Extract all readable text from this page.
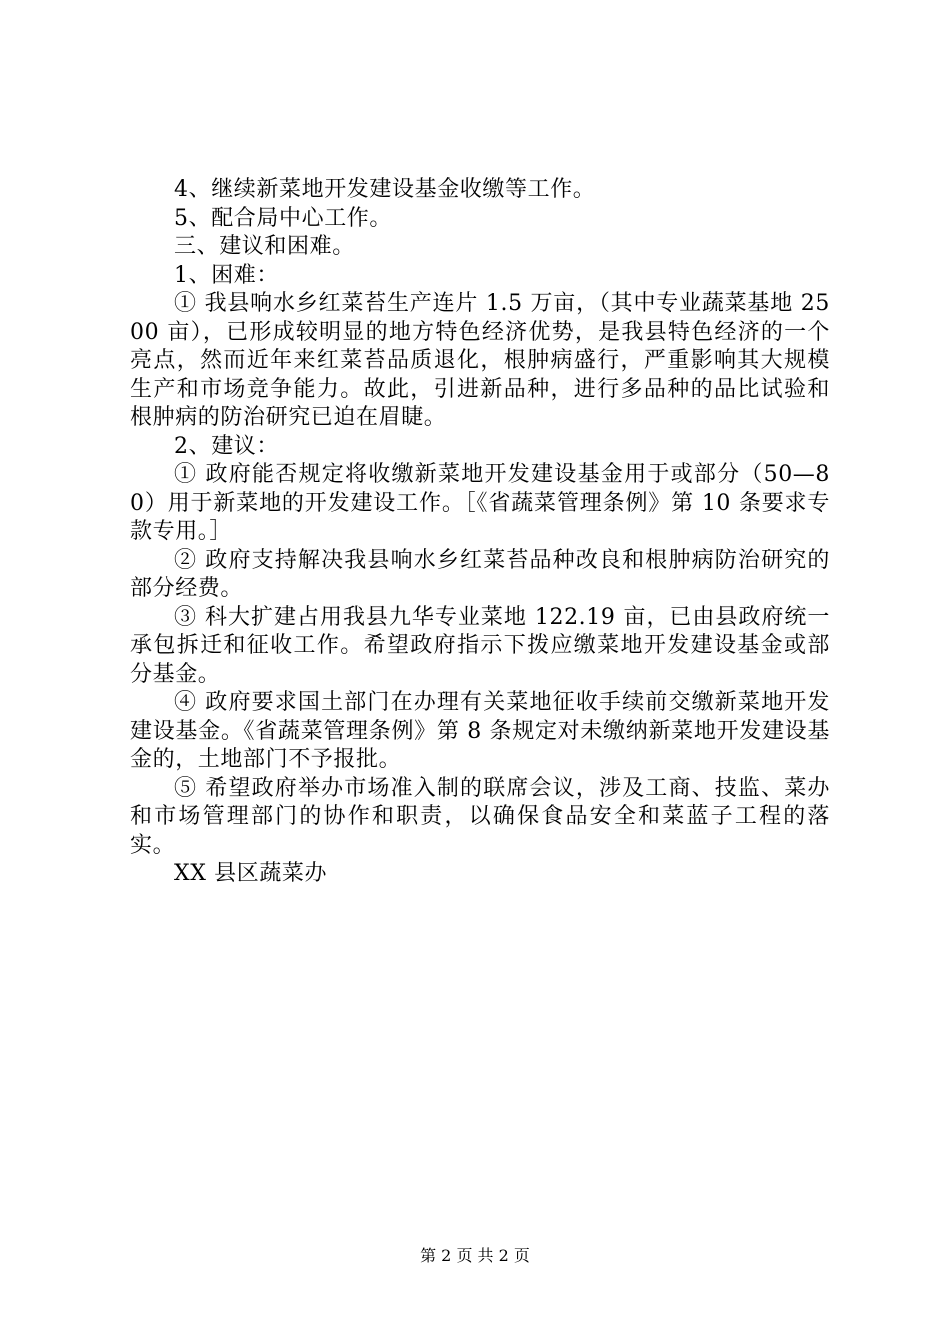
4、继续新菜地开发建设基金收缴等工作。

5、配合局中心工作。

三、建议和困难。

1、困难：

① 我县响水乡红菜苔生产连片 1.5 万亩，（其中专业蔬菜基地 2500 亩），已形成较明显的地方特色经济优势，是我县特色经济的一个亮点，然而近年来红菜苔品质退化，根肿病盛行，严重影响其大规模生产和市场竞争能力。故此，引进新品种，进行多品种的品比试验和根肿病的防治研究已迫在眉睫。

2、建议：

① 政府能否规定将收缴新菜地开发建设基金用于或部分（50—80）用于新菜地的开发建设工作。［《省蔬菜管理条例》第 10 条要求专款专用。］

② 政府支持解决我县响水乡红菜苔品种改良和根肿病防治研究的部分经费。

③ 科大扩建占用我县九华专业菜地 122.19 亩，已由县政府统一承包拆迁和征收工作。希望政府指示下拨应缴菜地开发建设基金或部分基金。

④ 政府要求国土部门在办理有关菜地征收手续前交缴新菜地开发建设基金。《省蔬菜管理条例》第 8 条规定对未缴纳新菜地开发建设基金的，土地部门不予报批。

⑤ 希望政府举办市场准入制的联席会议，涉及工商、技监、菜办和市场管理部门的协作和职责，以确保食品安全和菜蓝子工程的落实。

XX 县区蔬菜办

第 2 页 共 2 页
